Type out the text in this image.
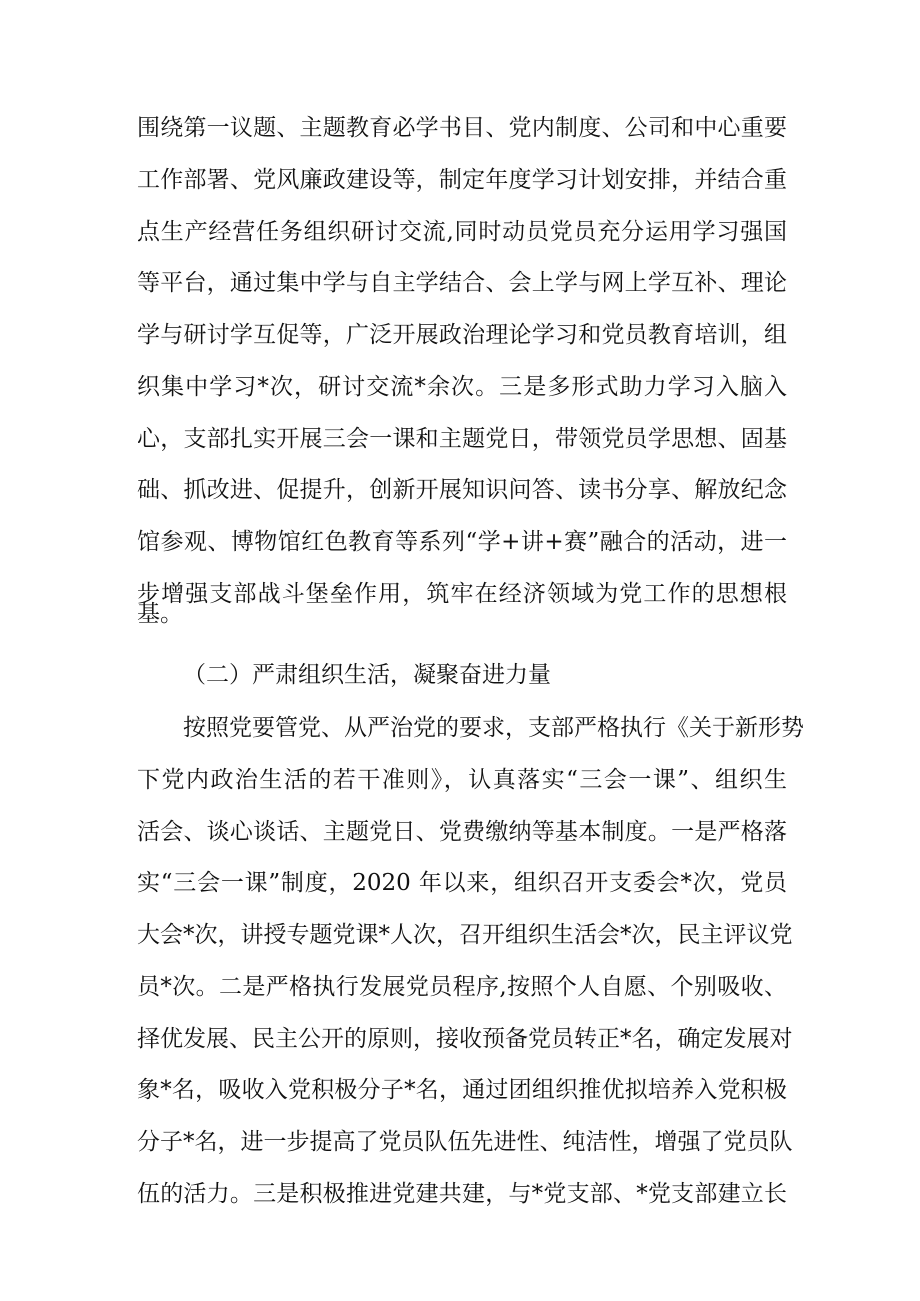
围绕第一议题、主题教育必学书目、党内制度、公司和中心重要
工作部署、党风廉政建设等，制定年度学习计划安排，并结合重
点生产经营任务组织研讨交流,同时动员党员充分运用学习强国
等平台，通过集中学与自主学结合、会上学与网上学互补、理论
学与研讨学互促等，广泛开展政治理论学习和党员教育培训，组
织集中学习*次，研讨交流*余次。三是多形式助力学习入脑入
心，支部扎实开展三会一课和主题党日，带领党员学思想、固基
础、抓改进、促提升，创新开展知识问答、读书分享、解放纪念
馆参观、博物馆红色教育等系列“学+讲+赛”融合的活动，进一
步增强支部战斗堡垒作用，筑牢在经济领域为党工作的思想根
基。
（二）严肃组织生活，凝聚奋进力量
按照党要管党、从严治党的要求，支部严格执行《关于新形势
下党内政治生活的若干准则》，认真落实“三会一课”、组织生
活会、谈心谈话、主题党日、党费缴纳等基本制度。一是严格落
实“三会一课”制度，2020 年以来，组织召开支委会*次，党员
大会*次，讲授专题党课*人次，召开组织生活会*次，民主评议党
员*次。二是严格执行发展党员程序,按照个人自愿、个别吸收、
择优发展、民主公开的原则，接收预备党员转正*名，确定发展对
象*名，吸收入党积极分子*名，通过团组织推优拟培养入党积极
分子*名，进一步提高了党员队伍先进性、纯洁性，增强了党员队
伍的活力。三是积极推进党建共建，与*党支部、*党支部建立长
